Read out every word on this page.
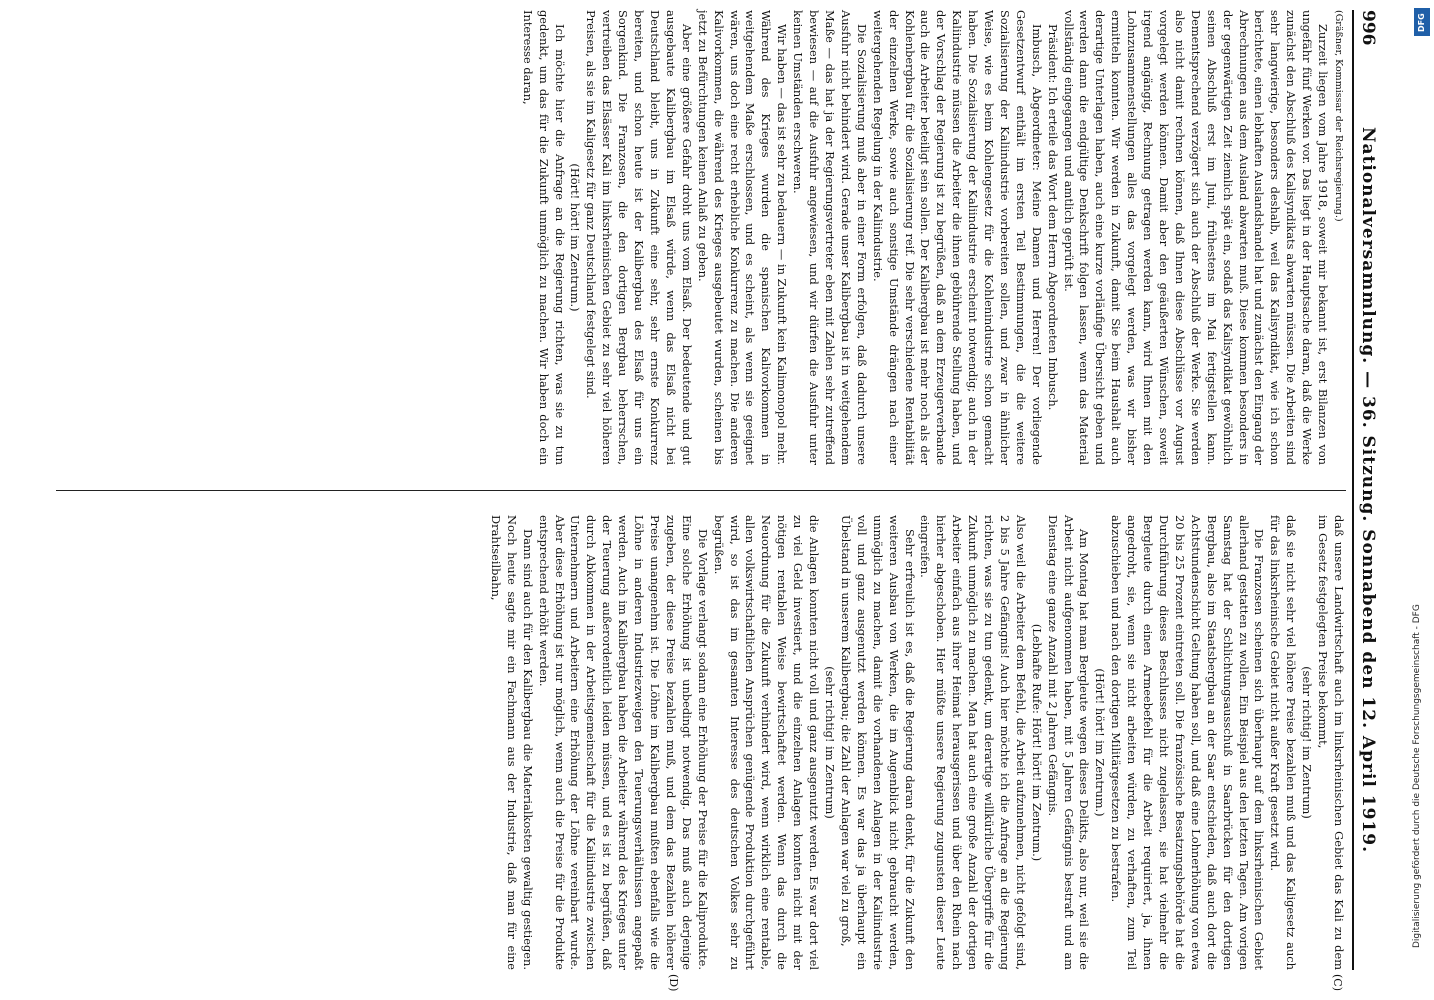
996
Nationalversammlung. — 36. Sitzung. Sonnabend den 12. April 1919.
(C)
(D)

(Gräßner, Kommissar der Reichsregierung.)

Zurzeit liegen vom Jahre 1918, soweit mir bekannt ist, erst Bilanzen von ungefähr fünf Werken vor. Das liegt in der Hauptsache daran, daß die Werke zunächst den Abschluß des Kalisyndikats abwarten müssen. Die Arbeiten sind sehr langwierige, besonders deshalb, weil das Kalisyndikat, wie ich schon berichtete, einen lebhaften Auslandshandel hat und zunächst den Eingang der Abrechnungen aus dem Ausland abwarten muß. Diese kommen besonders in der gegenwärtigen Zeit ziemlich spät ein, sodaß das Kalisyndikat gewöhnlich seinen Abschluß erst im Juni, frühestens im Mai fertigstellen kann. Dementsprechend verzögert sich auch der Abschluß der Werke. Sie werden also nicht damit rechnen können, daß Ihnen diese Abschlüsse vor August vorgelegt werden können. Damit aber den geäußerten Wünschen, soweit irgend angängig, Rechnung getragen werden kann, wird Ihnen mit den Lohnzusammenstellungen alles das vorgelegt werden, was wir bisher ermitteln konnten. Wir werden in Zukunft, damit Sie beim Haushalt auch derartige Unterlagen haben, auch eine kurze vorläufige Übersicht geben und werden dann die endgültige Denkschrift folgen lassen, wenn das Material vollständig eingegangen und amtlich geprüft ist.

Präsident: Ich erteile das Wort dem Herrn Abgeordneten Imbusch.

Imbusch, Abgeordneter: Meine Damen und Herren! Der vorliegende Gesetzentwurf enthält im ersten Teil Bestimmungen, die die weitere Sozialisierung der Kaliindustrie vorbereiten sollen, und zwar in ähnlicher Weise, wie es beim Kohlengesetz für die Kohlenindustrie schon gemacht haben. Die Sozialisierung der Kaliindustrie erscheint notwendig; auch in der Kaliindustrie müssen die Arbeiter die ihnen gebührende Stellung haben, und der Vorschlag der Regierung ist zu begrüßen, daß an dem Erzeugerverbande auch die Arbeiter beteiligt sein sollen. Der Kalibergbau ist mehr noch als der Kohlenbergbau für die Sozialisierung reif. Die sehr verschiedene Rentabilität der einzelnen Werke, sowie auch sonstige Umstände drängen nach einer weitergehenden Regelung in der Kaliindustrie.

Die Sozialisierung muß aber in einer Form erfolgen, daß dadurch unsere Ausfuhr nicht behindert wird. Gerade unser Kalibergbau ist in weitgehendem Maße — das hat ja der Regierungsvertreter eben mit Zahlen sehr zutreffend bewiesen — auf die Ausfuhr angewiesen, und wir dürfen die Ausfuhr unter keinen Umständen erschweren.

Wir haben — das ist sehr zu bedauern — in Zukunft kein Kalimonopol mehr. Während des Krieges wurden die spanischen Kalivorkommen in weitgehendem Maße erschlossen, und es scheint, als wenn sie geeignet wären, uns doch eine recht erhebliche Konkurrenz zu machen. Die anderen Kalivorkommen, die während des Krieges ausgebeutet wurden, scheinen bis jetzt zu Befürchtungen keinen Anlaß zu geben.

Aber eine größere Gefahr droht uns vom Elsaß. Der bedeutende und gut ausgebaute Kalibergbau im Elsaß würde, wenn das Elsaß nicht bei Deutschland bleibt, uns in Zukunft eine sehr, sehr ernste Konkurrenz bereiten, und schon heute ist der Kalibergbau des Elsaß für uns ein Sorgenkind. Die Franzosen, die den dortigen Bergbau beherrschen, vertreiben das Elsässer Kali im linksrheinischen Gebiet zu sehr viel höheren Preisen, als sie im Kaligesetz für ganz Deutschland festgelegt sind.

(Hört! hört! im Zentrum.)

Ich möchte hier die Anfrage an die Regierung richten, was sie zu tun gedenkt, um das für die Zukunft unmöglich zu machen. Wir haben doch ein Interesse daran,

daß unsere Landwirtschaft auch im linksrheinischen Gebiet das Kali zu dem im Gesetz festgelegten Preise bekommt,

(sehr richtig! im Zentrum)

daß sie nicht sehr viel höhere Preise bezahlen muß und das Kaligesetz auch für das linksrheinische Gebiet nicht außer Kraft gesetzt wird.

Die Franzosen scheinen sich überhaupt auf dem linksrheinischen Gebiet allerhand gestatten zu wollen. Ein Beispiel aus den letzten Tagen. Am vorigen Samstag hat der Schlichtungsausschuß in Saarbrücken für den dortigen Bergbau, also im Staatsbergbau an der Saar entschieden, daß auch dort die Achtstundenschicht Geltung haben soll, und daß eine Lohnerhöhung von etwa 20 bis 25 Prozent eintreten soll. Die französische Besatzungsbehörde hat die Durchführung dieses Beschlusses nicht zugelassen, sie hat vielmehr die Bergleute durch einen Armeebefehl für die Arbeit requiriert, ja, ihnen angedroht, sie, wenn sie nicht arbeiten würden, zu verhaften, zum Teil abzuschieben und nach den dortigen Militärgesetzen zu bestrafen.

(Hört! hört! im Zentrum.)

Am Montag hat man Bergleute wegen dieses Delikts, also nur, weil sie die Arbeit nicht aufgenommen haben, mit 5 Jahren Gefängnis bestraft und am Dienstag eine ganze Anzahl mit 2 Jahren Gefängnis.

(Lebhafte Rufe: Hört! hört! im Zentrum.)

Also weil die Arbeiter dem Befehl, die Arbeit aufzunehmen, nicht gefolgt sind, 2 bis 5 Jahre Gefängnis! Auch hier möchte ich die Anfrage an die Regierung richten, was sie zu tun gedenkt, um derartige willkürliche Übergriffe für die Zukunft unmöglich zu machen. Man hat auch eine große Anzahl der dortigen Arbeiter einfach aus ihrer Heimat herausgerissen und über den Rhein nach hierher abgeschoben. Hier müßte unsere Regierung zugunsten dieser Leute eingreifen.

Sehr erfreulich ist es, daß die Regierung daran denkt, für die Zukunft den weiteren Ausbau von Werken, die im Augenblick nicht gebraucht werden, unmöglich zu machen, damit die vorhandenen Anlagen in der Kaliindustrie voll und ganz ausgenutzt werden können. Es war das ja überhaupt ein Übelstand in unserem Kalibergbau; die Zahl der Anlagen war viel zu groß,

(sehr richtig! im Zentrum)

die Anlagen konnten nicht voll und ganz ausgenutzt werden. Es war dort viel zu viel Geld investiert, und die einzelnen Anlagen konnten nicht mit der nötigen rentablen Weise bewirtschaftet werden. Wenn das durch die Neuordnung für die Zukunft verhindert wird, wenn wirklich eine rentable, allen volkswirtschaftlichen Ansprüchen genügende Produktion durchgeführt wird, so ist das im gesamten Interesse des deutschen Volkes sehr zu begrüßen.

Die Vorlage verlangt sodann eine Erhöhung der Preise für die Kaliprodukte. Eine solche Erhöhung ist unbedingt notwendig. Das muß auch derjenige zugeben, der diese Preise bezahlen muß, und dem das Bezahlen höherer Preise unangenehm ist. Die Löhne im Kalibergbau mußten ebenfalls wie die Löhne in anderen Industriezweigen den Teuerungsverhältnissen angepaßt werden. Auch im Kalibergbau haben die Arbeiter während des Krieges unter der Teuerung außerordentlich leiden müssen, und es ist zu begrüßen, daß durch Abkommen in der Arbeitsgemeinschaft für die Kaliindustrie zwischen Unternehmern und Arbeitern eine Erhöhung der Löhne vereinbart wurde. Aber diese Erhöhung ist nur möglich, wenn auch die Preise für die Produkte entsprechend erhöht werden.

Dann sind auch für den Kalibergbau die Materialkosten gewaltig gestiegen. Noch heute sagte mir ein Fachmann aus der Industrie, daß man für eine Drahtseilbahn,

Digitalisierung gefördert durch die Deutsche Forschungsgemeinschaft - DFG
DFG
